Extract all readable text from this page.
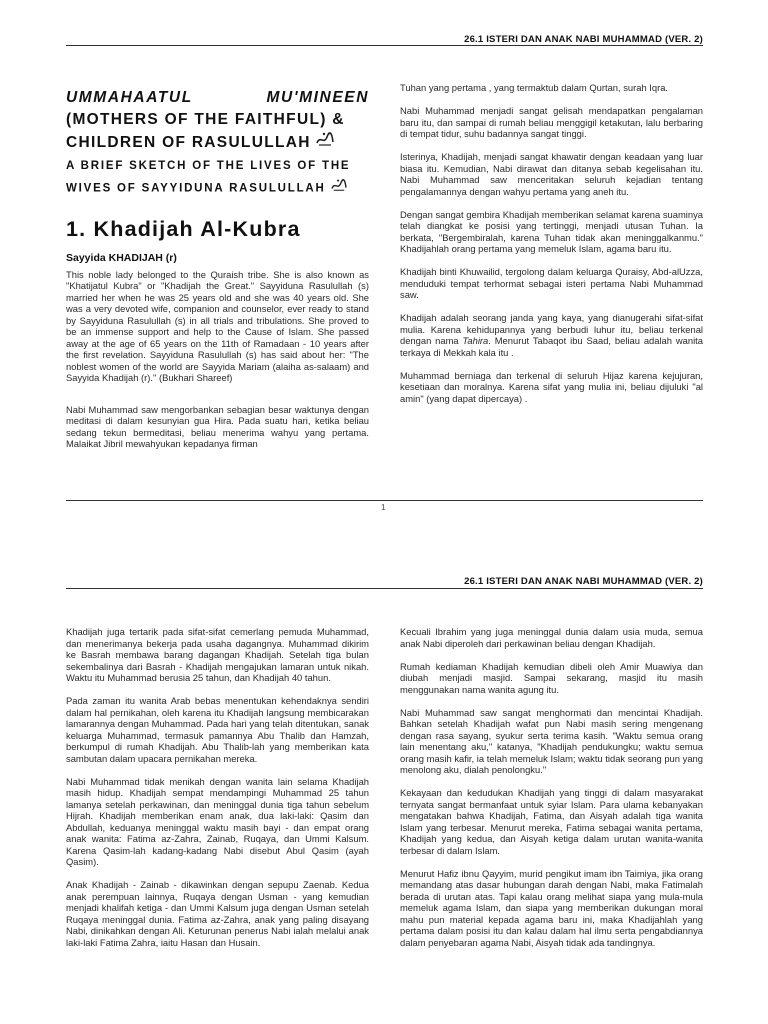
26.1 ISTERI DAN ANAK NABI MUHAMMAD (VER. 2)
UMMAHAATUL MU'MINEEN
(MOTHERS OF THE FAITHFUL) &
CHILDREN OF RASULULLAH
A BRIEF SKETCH OF THE LIVES OF THE
WIVES OF SAYYIDUNA RASULULLAH
1. Khadijah Al-Kubra
Sayyida KHADIJAH (r)

This noble lady belonged to the Quraish tribe. She is also known as "Khatijatul Kubra" or "Khadijah the Great." Sayyiduna Rasulullah (s) married her when he was 25 years old and she was 40 years old. She was a very devoted wife, companion and counselor, ever ready to stand by Sayyiduna Rasulullah (s) in all trials and tribulations. She proved to be an immense support and help to the Cause of Islam. She passed away at the age of 65 years on the 11th of Ramadaan - 10 years after the first revelation. Sayyiduna Rasulullah (s) has said about her: "The noblest women of the world are Sayyida Mariam (alaiha as-salaam) and Sayyida Khadijah (r)." (Bukhari Shareef)

Nabi Muhammad saw mengorbankan sebagian besar waktunya dengan meditasi di dalam kesunyian gua Hira. Pada suatu hari, ketika beliau sedang tekun bermeditasi, beliau menerima wahyu yang pertama. Malaikat Jibril mewahyukan kepadanya firman

Tuhan yang pertama , yang termaktub dalam Qurtan, surah Iqra.

Nabi Muhammad menjadi sangat gelisah mendapatkan pengalaman baru itu, dan sampai di rumah beliau menggigil ketakutan, lalu berbaring di tempat tidur, suhu badannya sangat tinggi.

Isterinya, Khadijah, menjadi sangat khawatir dengan keadaan yang luar biasa itu. Kemudian, Nabi dirawat dan ditanya sebab kegelisahan itu. Nabi Muhammad saw menceritakan seluruh kejadian tentang pengalamannya dengan wahyu pertama yang aneh itu.

Dengan sangat gembira Khadijah memberikan selamat karena suaminya telah diangkat ke posisi yang tertinggi, menjadi utusan Tuhan. Ia berkata, "Bergembiralah, karena Tuhan tidak akan meninggalkanmu." Khadijahlah orang pertama yang memeluk Islam, agama baru itu.

Khadijah binti Khuwailid, tergolong dalam keluarga Quraisy, Abd-alUzza, menduduki tempat terhormat sebagai isteri pertama Nabi Muhammad saw.

Khadijah adalah seorang janda yang kaya, yang dianugerahi sifat-sifat mulia. Karena kehidupannya yang berbudi luhur itu, beliau terkenal dengan nama Tahira. Menurut Tabaqot ibu Saad, beliau adalah wanita terkaya di Mekkah kala itu .

Muhammad berniaga dan terkenal di seluruh Hijaz karena kejujuran, kesetiaan dan moralnya. Karena sifat yang mulia ini, beliau dijuluki "al amin" (yang dapat dipercaya) .

1
26.1 ISTERI DAN ANAK NABI MUHAMMAD (VER. 2)

Khadijah juga tertarik pada sifat-sifat cemerlang pemuda Muhammad, dan menerimanya bekerja pada usaha dagangnya. Muhammad dikirim ke Basrah membawa barang dagangan Khadijah. Setelah tiga bulan sekembalinya dari Basrah - Khadijah mengajukan lamaran untuk nikah. Waktu itu Muhammad berusia 25 tahun, dan Khadijah 40 tahun.

Pada zaman itu wanita Arab bebas menentukan kehendaknya sendiri dalam hal pernikahan, oleh karena itu Khadijah langsung membicarakan lamarannya dengan Muhammad. Pada hari yang telah ditentukan, sanak keluarga Muhammad, termasuk pamannya Abu Thalib dan Hamzah, berkumpul di rumah Khadijah. Abu Thalib-lah yang memberikan kata sambutan dalam upacara pernikahan mereka.

Nabi Muhammad tidak menikah dengan wanita lain selama Khadijah masih hidup. Khadijah sempat mendampingi Muhammad 25 tahun lamanya setelah perkawinan, dan meninggal dunia tiga tahun sebelum Hijrah. Khadijah memberikan enam anak, dua laki-laki: Qasim dan Abdullah, keduanya meninggal waktu masih bayi - dan empat orang anak wanita: Fatima az-Zahra, Zainab, Ruqaya, dan Ummi Kalsum. Karena Qasim-lah kadang-kadang Nabi disebut Abul Qasim (ayah Qasim).

Anak Khadijah - Zainab - dikawinkan dengan sepupu Zaenab. Kedua anak perempuan lainnya, Ruqaya dengan Usman - yang kemudian menjadi khalifah ketiga - dan Ummi Kalsum juga dengan Usman setelah Ruqaya meninggal dunia. Fatima az-Zahra, anak yang paling disayang Nabi, dinikahkan dengan Ali. Keturunan penerus Nabi ialah melalui anak laki-laki Fatima Zahra, iaitu Hasan dan Husain.

Kecuali Ibrahim yang juga meninggal dunia dalam usia muda, semua anak Nabi diperoleh dari perkawinan beliau dengan Khadijah.

Rumah kediaman Khadijah kemudian dibeli oleh Amir Muawiya dan diubah menjadi masjid. Sampai sekarang, masjid itu masih menggunakan nama wanita agung itu.

Nabi Muhammad saw sangat menghormati dan mencintai Khadijah. Bahkan setelah Khadijah wafat pun Nabi masih sering mengenang dengan rasa sayang, syukur serta terima kasih. "Waktu semua orang lain menentang aku," katanya, "Khadijah pendukungku; waktu semua orang masih kafir, ia telah memeluk Islam; waktu tidak seorang pun yang menolong aku, dialah penolongku."

Kekayaan dan kedudukan Khadijah yang tinggi di dalam masyarakat ternyata sangat bermanfaat untuk syiar Islam. Para ulama kebanyakan mengatakan bahwa Khadijah, Fatima, dan Aisyah adalah tiga wanita Islam yang terbesar. Menurut mereka, Fatima sebagai wanita pertama, Khadijah yang kedua, dan Aisyah ketiga dalam urutan wanita-wanita terbesar di dalam Islam.

Menurut Hafiz ibnu Qayyim, murid pengikut imam ibn Taimiya, jika orang memandang atas dasar hubungan darah dengan Nabi, maka Fatimalah berada di urutan atas. Tapi kalau orang melihat siapa yang mula-mula memeluk agama Islam, dan siapa yang memberikan dukungan moral mahu pun material kepada agama baru ini, maka Khadijahlah yang pertama dalam posisi itu dan kalau dalam hal ilmu serta pengabdiannya dalam penyebaran agama Nabi, Aisyah tidak ada tandingnya.
